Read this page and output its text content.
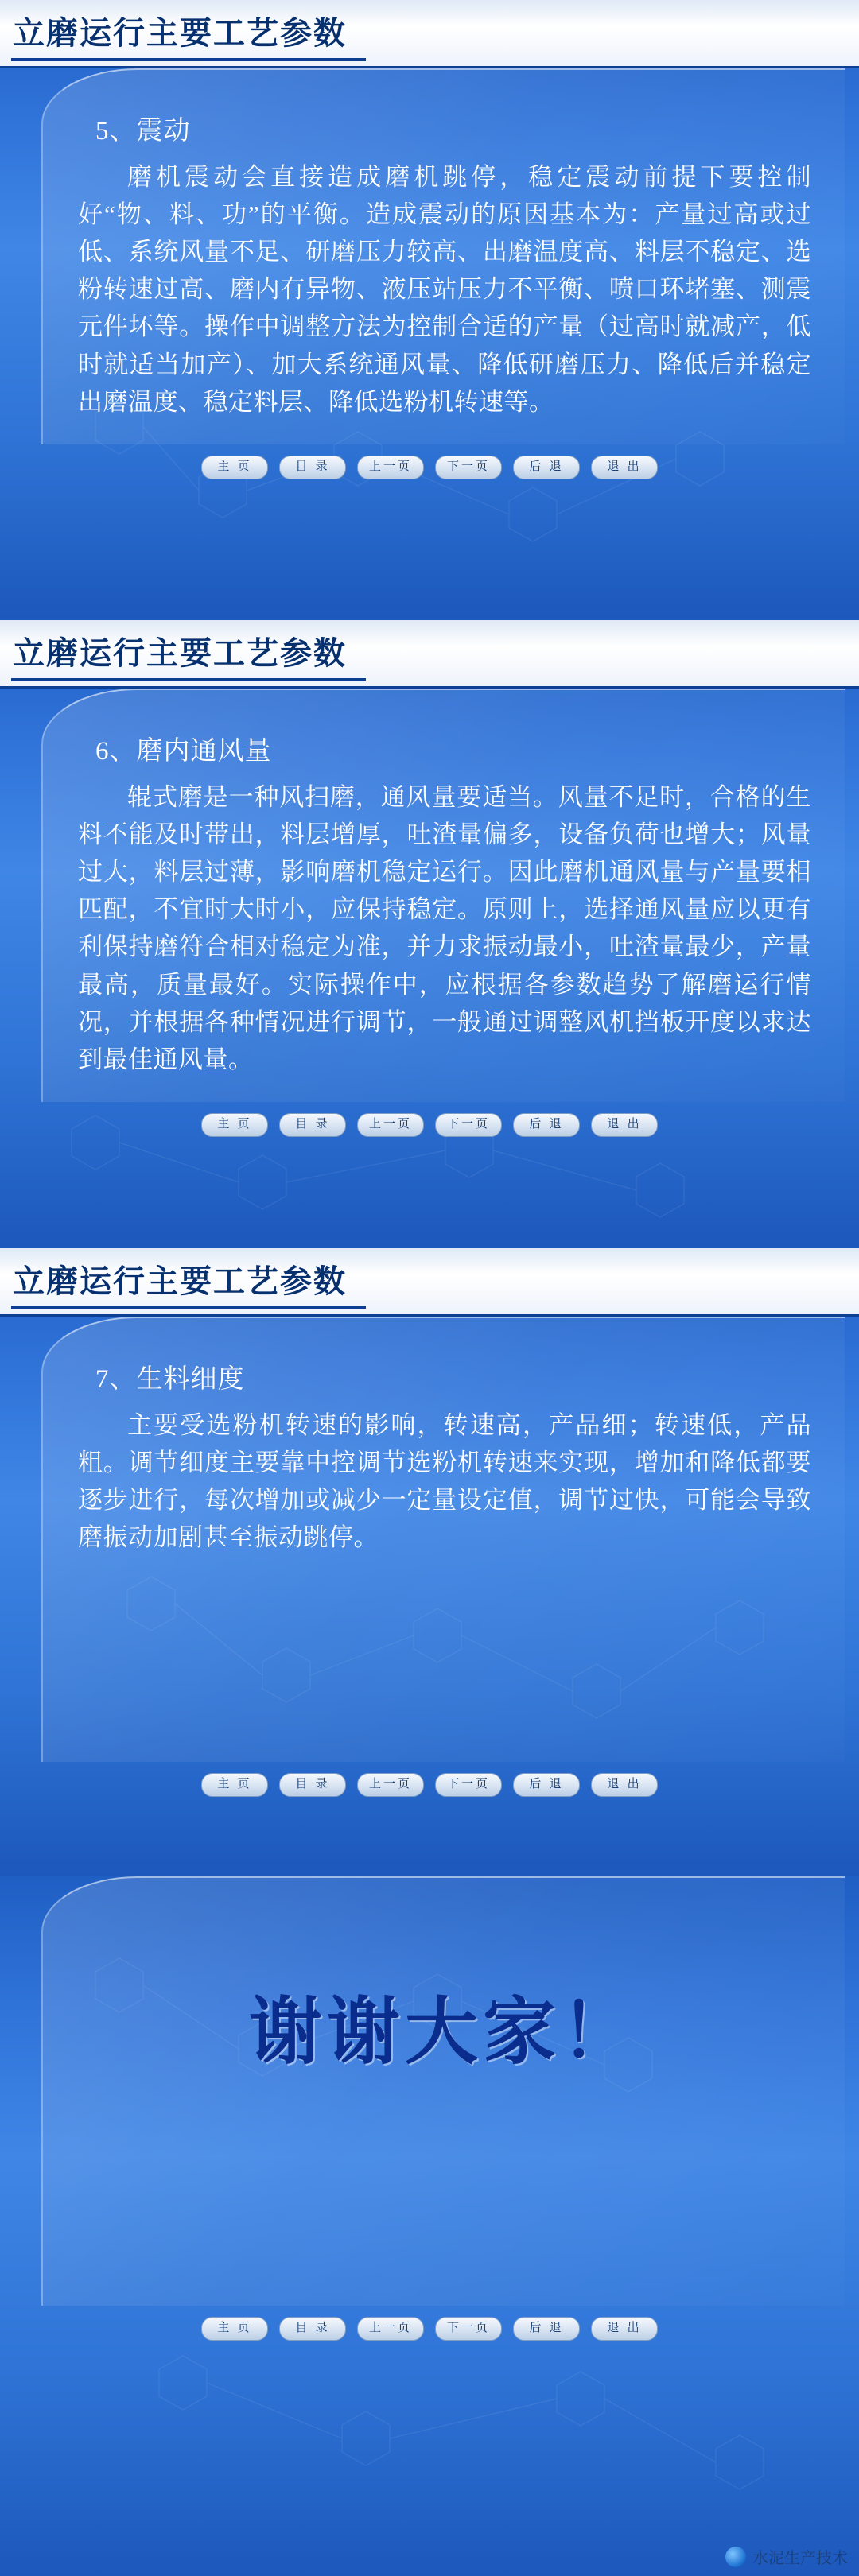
立磨运行主要工艺参数
5、震动
磨机震动会直接造成磨机跳停，稳定震动前提下要控制好“物、料、功”的平衡。造成震动的原因基本为：产量过高或过低、系统风量不足、研磨压力较高、出磨温度高、料层不稳定、选粉转速过高、磨内有异物、液压站压力不平衡、喷口环堵塞、测震元件坏等。操作中调整方法为控制合适的产量（过高时就减产，低时就适当加产）、加大系统通风量、降低研磨压力、降低后并稳定出磨温度、稳定料层、降低选粉机转速等。
主 页	目 录	上一页	下一页	后 退	退 出
立磨运行主要工艺参数
6、磨内通风量
辊式磨是一种风扫磨，通风量要适当。风量不足时，合格的生料不能及时带出，料层增厚，吐渣量偏多，设备负荷也增大；风量过大，料层过薄，影响磨机稳定运行。因此磨机通风量与产量要相匹配，不宜时大时小，应保持稳定。原则上，选择通风量应以更有利保持磨符合相对稳定为准，并力求振动最小，吐渣量最少，产量最高，质量最好。实际操作中，应根据各参数趋势了解磨运行情况，并根据各种情况进行调节，一般通过调整风机挡板开度以求达到最佳通风量。
主 页	目 录	上一页	下一页	后 退	退 出
立磨运行主要工艺参数
7、生料细度
主要受选粉机转速的影响，转速高，产品细；转速低，产品粗。调节细度主要靠中控调节选粉机转速来实现，增加和降低都要逐步进行，每次增加或减少一定量设定值，调节过快，可能会导致磨振动加剧甚至振动跳停。
主 页	目 录	上一页	下一页	后 退	退 出
谢谢大家！
主 页	目 录	上一页	下一页	后 退	退 出
水泥生产技术
